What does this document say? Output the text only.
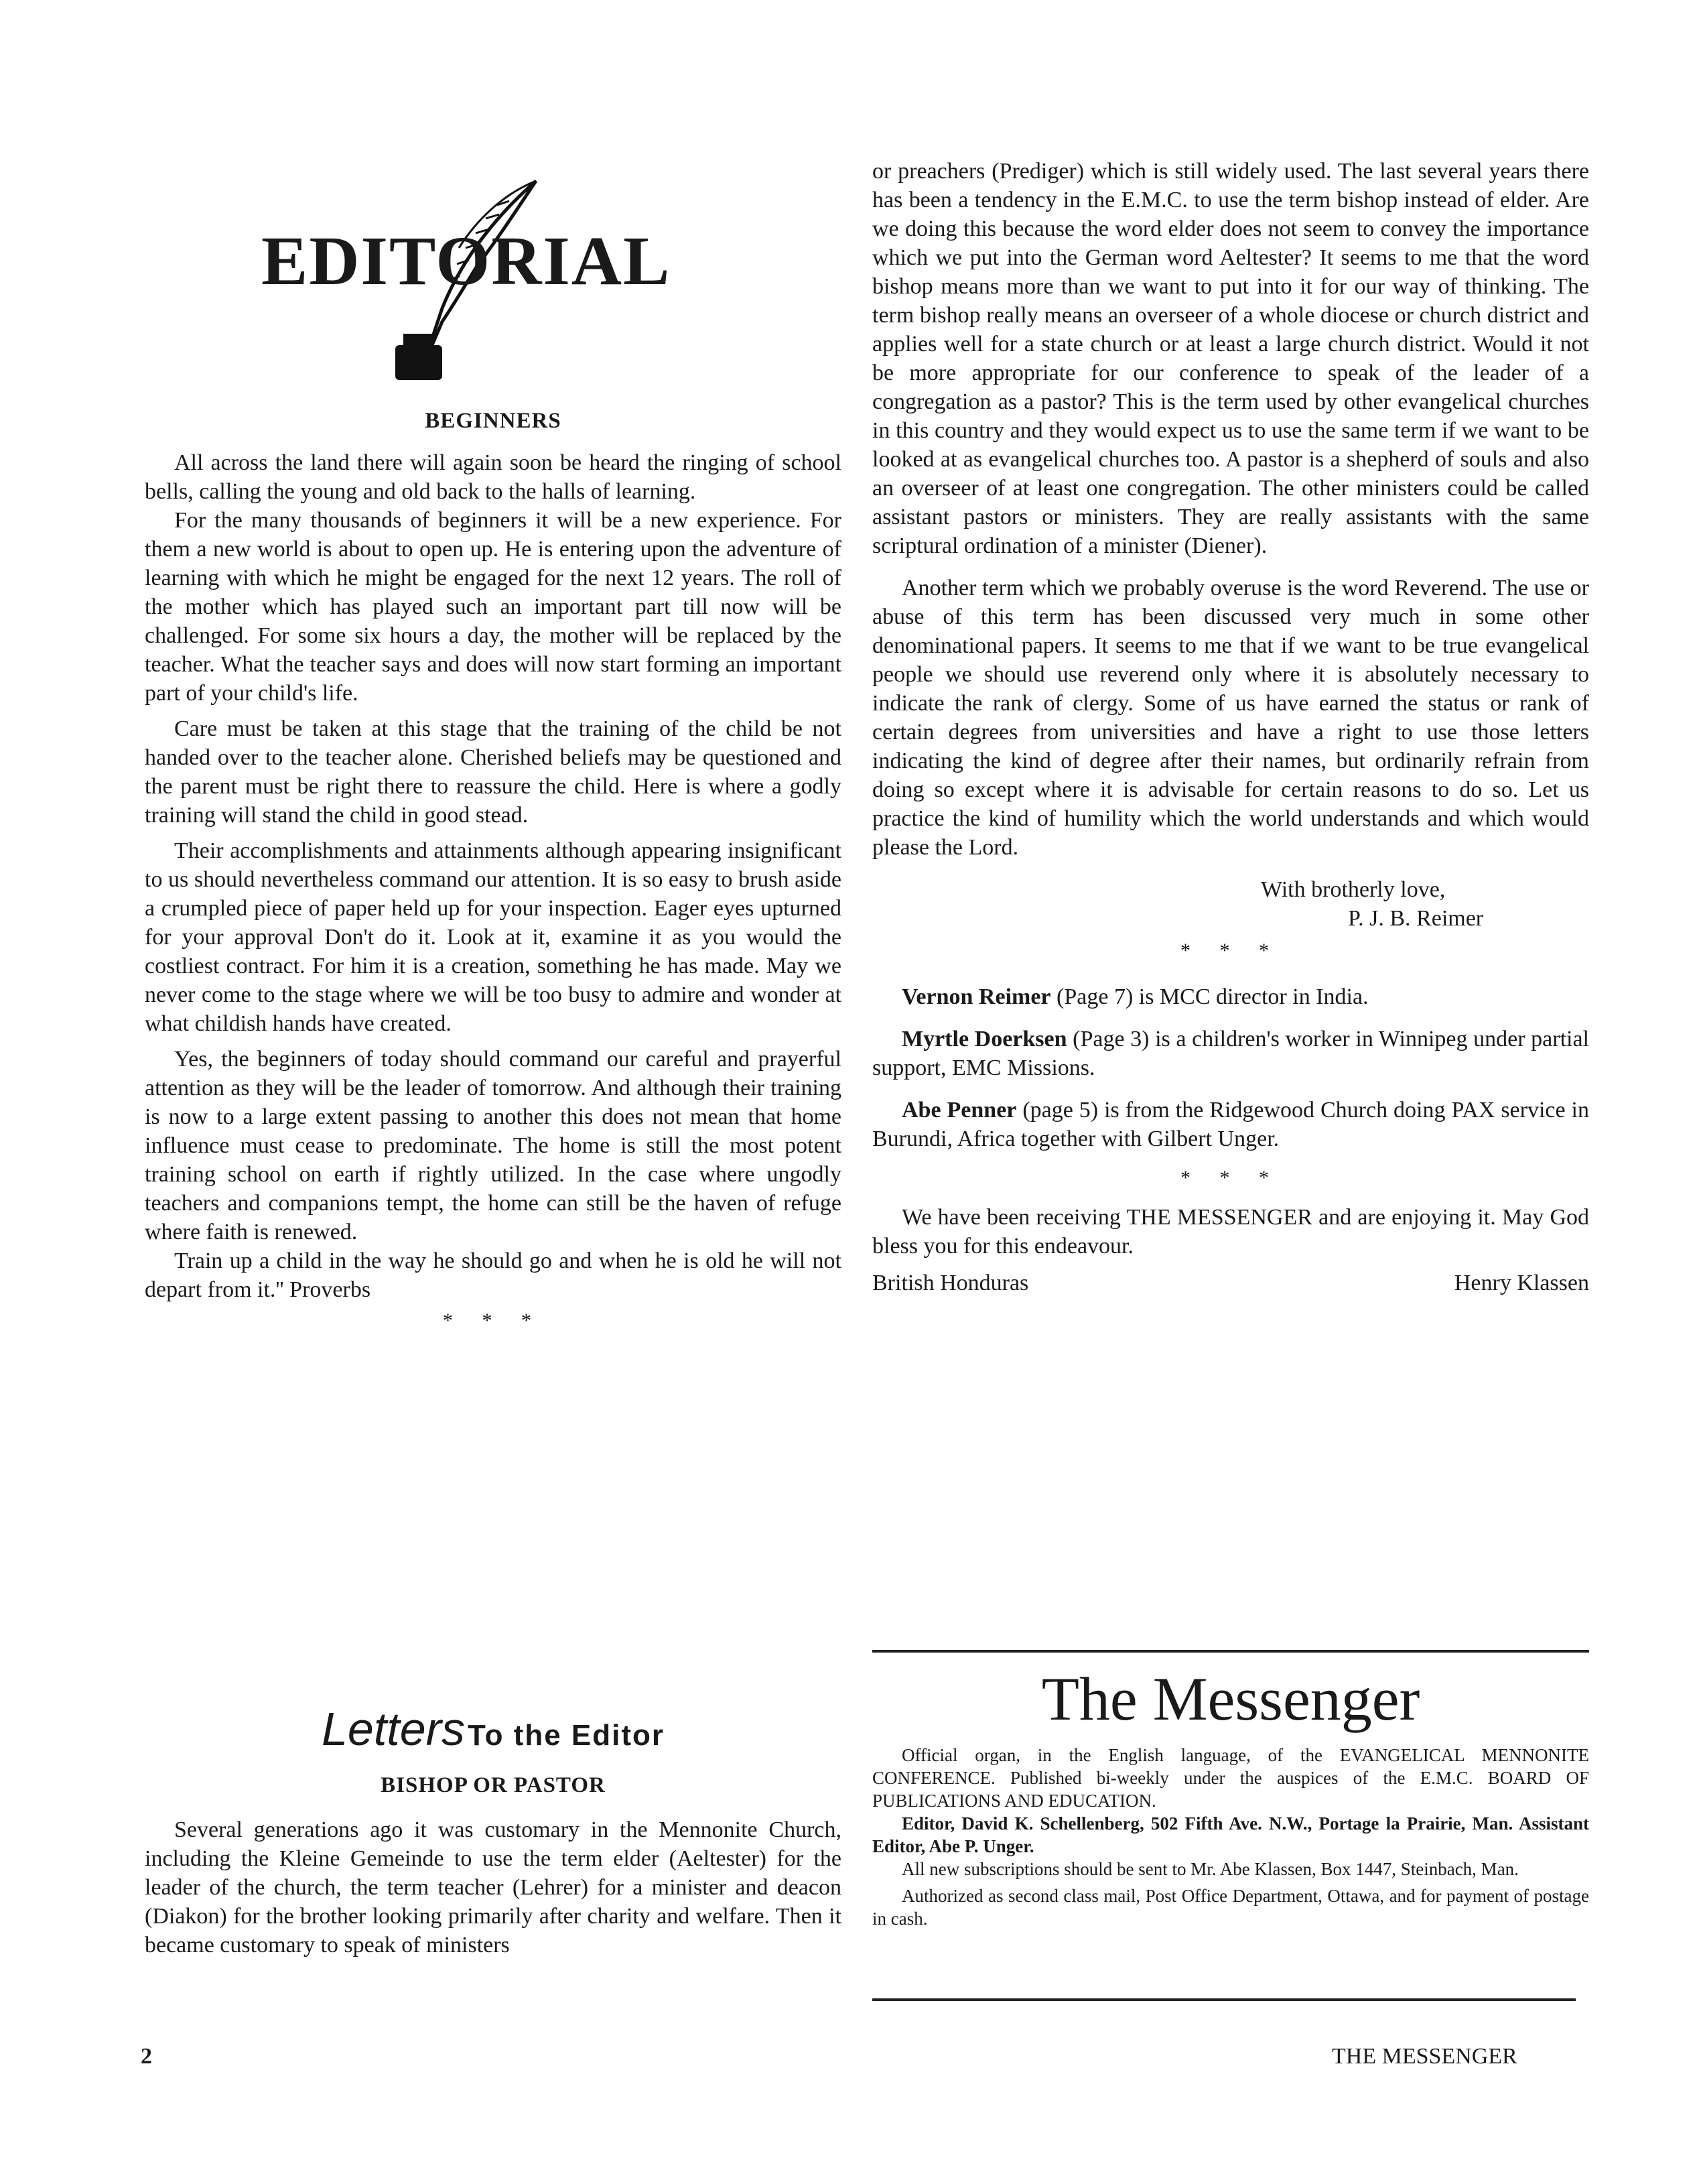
EDITORIAL
BEGINNERS

All across the land there will again soon be heard the ringing of school bells, calling the young and old back to the halls of learning.

For the many thousands of beginners it will be a new experience. For them a new world is about to open up. He is entering upon the adventure of learning with which he might be engaged for the next 12 years. The roll of the mother which has played such an important part till now will be challenged. For some six hours a day, the mother will be replaced by the teacher. What the teacher says and does will now start forming an important part of your child's life.

Care must be taken at this stage that the training of the child be not handed over to the teacher alone. Cherished beliefs may be questioned and the parent must be right there to reassure the child. Here is where a godly training will stand the child in good stead.

Their accomplishments and attainments although appearing insignificant to us should nevertheless command our attention. It is so easy to brush aside a crumpled piece of paper held up for your inspection. Eager eyes upturned for your approval Don't do it. Look at it, examine it as you would the costliest contract. For him it is a creation, something he has made. May we never come to the stage where we will be too busy to admire and wonder at what childish hands have created.

Yes, the beginners of today should command our careful and prayerful attention as they will be the leader of tomorrow. And although their training is now to a large extent passing to another this does not mean that home influence must cease to predominate. The home is still the most potent training school on earth if rightly utilized. In the case where ungodly teachers and companions tempt, the home can still be the haven of refuge where faith is renewed.

Train up a child in the way he should go and when he is old he will not depart from it.'' Proverbs

* * *
Letters To the Editor
BISHOP OR PASTOR

Several generations ago it was customary in the Mennonite Church, including the Kleine Gemeinde to use the term elder (Aeltester) for the leader of the church, the term teacher (Lehrer) for a minister and deacon (Diakon) for the brother looking primarily after charity and welfare. Then it became customary to speak of ministers

or preachers (Prediger) which is still widely used. The last several years there has been a tendency in the E.M.C. to use the term bishop instead of elder. Are we doing this because the word elder does not seem to convey the importance which we put into the German word Aeltester? It seems to me that the word bishop means more than we want to put into it for our way of thinking. The term bishop really means an overseer of a whole diocese or church district and applies well for a state church or at least a large church district. Would it not be more appropriate for our conference to speak of the leader of a congregation as a pastor? This is the term used by other evangelical churches in this country and they would expect us to use the same term if we want to be looked at as evangelical churches too. A pastor is a shepherd of souls and also an overseer of at least one congregation. The other ministers could be called assistant pastors or ministers. They are really assistants with the same scriptural ordination of a minister (Diener).

Another term which we probably overuse is the word Reverend. The use or abuse of this term has been discussed very much in some other denominational papers. It seems to me that if we want to be true evangelical people we should use reverend only where it is absolutely necessary to indicate the rank of clergy. Some of us have earned the status or rank of certain degrees from universities and have a right to use those letters indicating the kind of degree after their names, but ordinarily refrain from doing so except where it is advisable for certain reasons to do so. Let us practice the kind of humility which the world understands and which would please the Lord.

With brotherly love,
P. J. B. Reimer
* * *

Vernon Reimer (Page 7) is MCC director in India.

Myrtle Doerksen (Page 3) is a children's worker in Winnipeg under partial support, EMC Missions.

Abe Penner (page 5) is from the Ridgewood Church doing PAX service in Burundi, Africa together with Gilbert Unger.

* * *

We have been receiving THE MESSENGER and are enjoying it. May God bless you for this endeavour.

British Honduras	Henry Klassen
The Messenger

Official organ, in the English language, of the EVANGELICAL MENNONITE CONFERENCE. Published bi-weekly under the auspices of the E.M.C. BOARD OF PUBLICATIONS AND EDUCATION.

Editor, David K. Schellenberg, 502 Fifth Ave. N.W., Portage la Prairie, Man. Assistant Editor, Abe P. Unger.

All new subscriptions should be sent to Mr. Abe Klassen, Box 1447, Steinbach, Man.

Authorized as second class mail, Post Office Department, Ottawa, and for payment of postage in cash.

2	THE MESSENGER
